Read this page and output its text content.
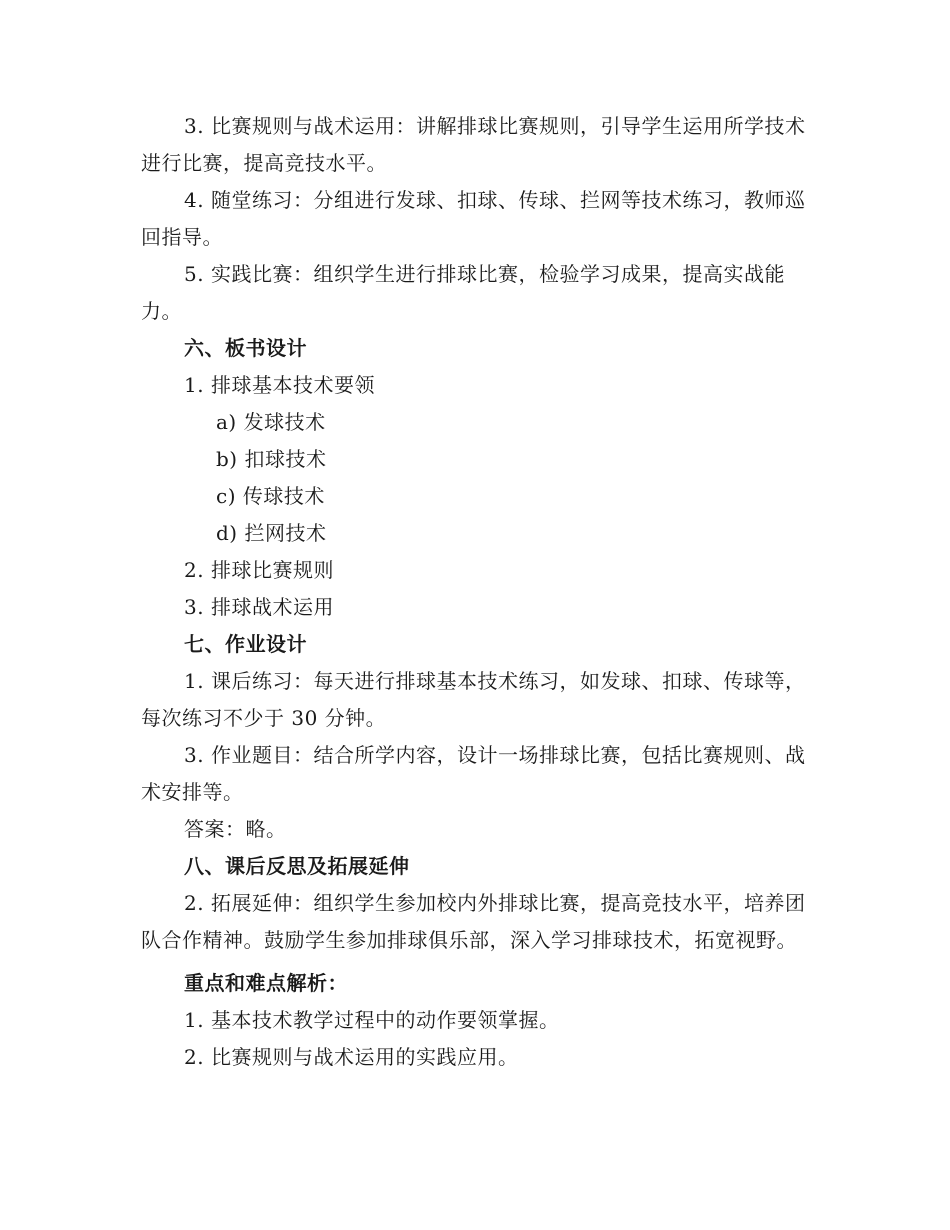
3. 比赛规则与战术运用：讲解排球比赛规则，引导学生运用所学技术进行比赛，提高竞技水平。

4. 随堂练习：分组进行发球、扣球、传球、拦网等技术练习，教师巡回指导。

5. 实践比赛：组织学生进行排球比赛，检验学习成果，提高实战能力。

六、板书设计

1. 排球基本技术要领

a) 发球技术

b) 扣球技术

c) 传球技术

d) 拦网技术

2. 排球比赛规则

3. 排球战术运用

七、作业设计

1. 课后练习：每天进行排球基本技术练习，如发球、扣球、传球等，每次练习不少于 30 分钟。

3. 作业题目：结合所学内容，设计一场排球比赛，包括比赛规则、战术安排等。

答案：略。

八、课后反思及拓展延伸

2. 拓展延伸：组织学生参加校内外排球比赛，提高竞技水平，培养团队合作精神。鼓励学生参加排球俱乐部，深入学习排球技术，拓宽视野。

重点和难点解析：

1. 基本技术教学过程中的动作要领掌握。

2. 比赛规则与战术运用的实践应用。
